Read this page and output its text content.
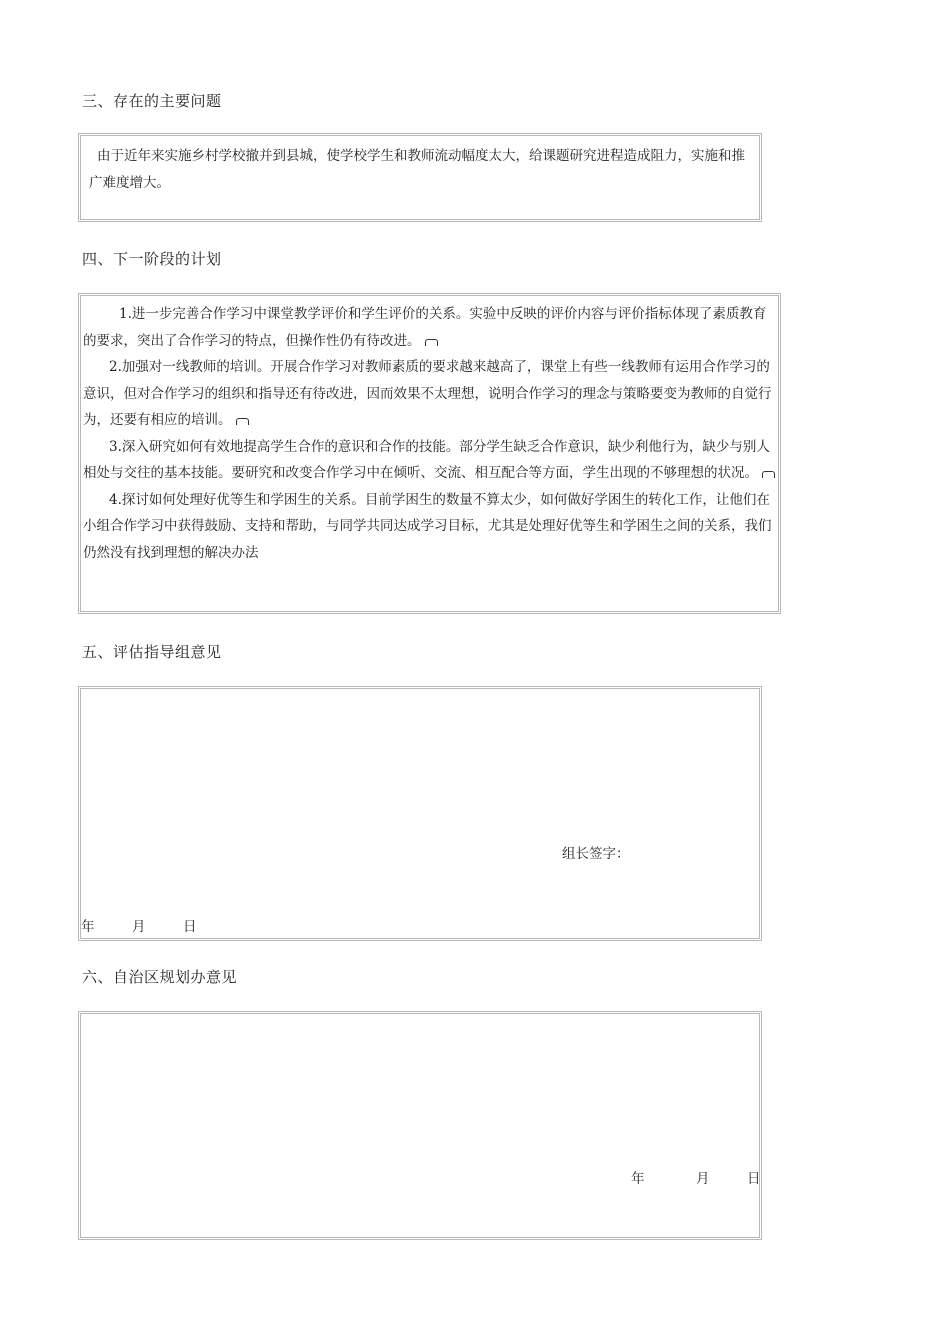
三、存在的主要问题

由于近年来实施乡村学校撤并到县城，使学校学生和教师流动幅度太大，给课题研究进程造成阻力，实施和推广难度增大。

四、下一阶段的计划

1.进一步完善合作学习中课堂教学评价和学生评价的关系。实验中反映的评价内容与评价指标体现了素质教育的要求，突出了合作学习的特点，但操作性仍有待改进。

2.加强对一线教师的培训。开展合作学习对教师素质的要求越来越高了，课堂上有些一线教师有运用合作学习的意识，但对合作学习的组织和指导还有待改进，因而效果不太理想，说明合作学习的理念与策略要变为教师的自觉行为，还要有相应的培训。

3.深入研究如何有效地提高学生合作的意识和合作的技能。部分学生缺乏合作意识，缺少利他行为，缺少与别人相处与交往的基本技能。要研究和改变合作学习中在倾听、交流、相互配合等方面，学生出现的不够理想的状况。

4.探讨如何处理好优等生和学困生的关系。目前学困生的数量不算太少，如何做好学困生的转化工作，让他们在小组合作学习中获得鼓励、支持和帮助，与同学共同达成学习目标，尤其是处理好优等生和学困生之间的关系，我们仍然没有找到理想的解决办法

五、评估指导组意见
组长签字：
年	月	日
六、自治区规划办意见
年	月	日
